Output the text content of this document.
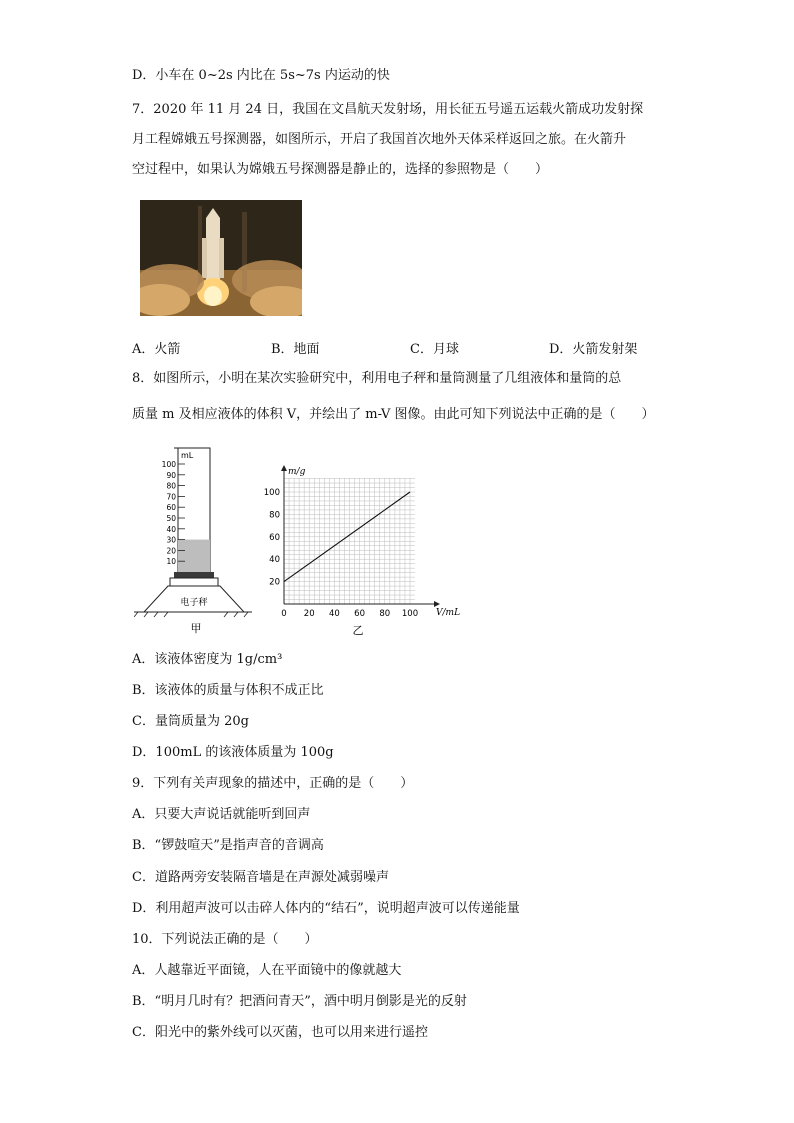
D．小车在 0~2s 内比在 5s~7s 内运动的快
7．2020 年 11 月 24 日，我国在文昌航天发射场，用长征五号遥五运载火箭成功发射探
月工程嫦娥五号探测器，如图所示，开启了我国首次地外天体采样返回之旅。在火箭升
空过程中，如果认为嫦娥五号探测器是静止的，选择的参照物是（　　）
A．火箭	B．地面	C．月球	D．火箭发射架
8．如图所示，小明在某次实验研究中，利用电子秤和量筒测量了几组液体和量筒的总
质量 m 及相应液体的体积 V，并绘出了 m-V 图像。由此可知下列说法中正确的是（　　）
mL
100
90
80
70
60
50
40
30
20
10
电子秤
甲
0 20 40 60 80 100
20
40
60
80
100
m/g
V/mL
乙
A．该液体密度为 1g/cm³
B．该液体的质量与体积不成正比
C．量筒质量为 20g
D．100mL 的该液体质量为 100g
9．下列有关声现象的描述中，正确的是（　　）
A．只要大声说话就能听到回声
B．“锣鼓喧天”是指声音的音调高
C．道路两旁安装隔音墙是在声源处减弱噪声
D．利用超声波可以击碎人体内的“结石”，说明超声波可以传递能量
10．下列说法正确的是（　　）
A．人越靠近平面镜，人在平面镜中的像就越大
B．“明月几时有？把酒问青天”，酒中明月倒影是光的反射
C．阳光中的紫外线可以灭菌，也可以用来进行遥控
